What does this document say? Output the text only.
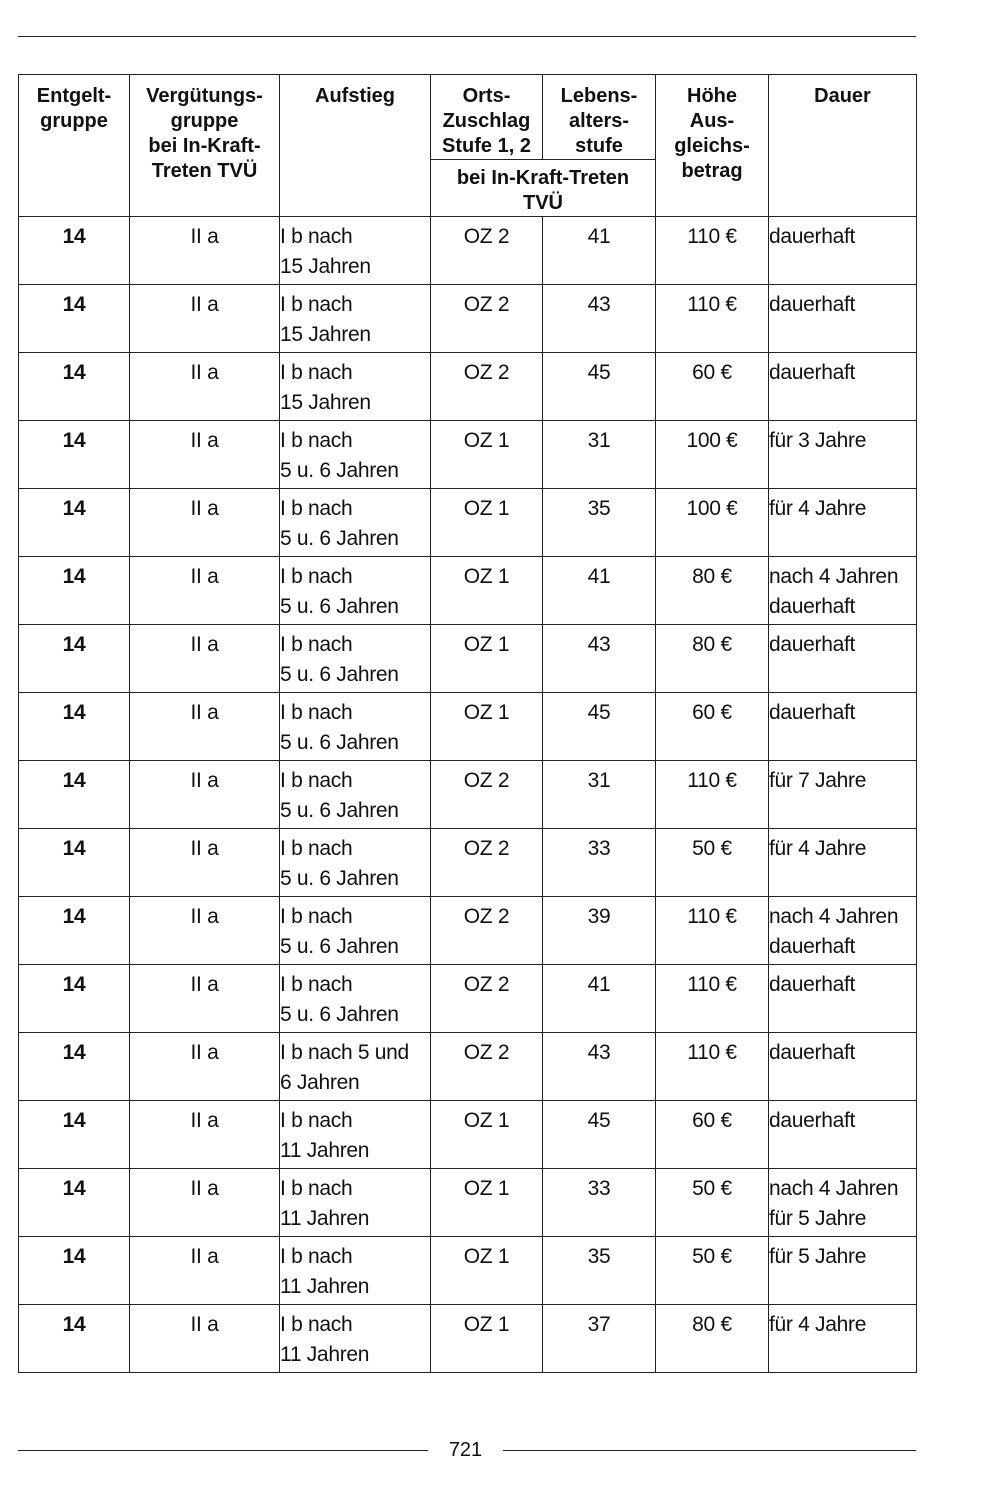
Entgelt-
gruppe	Vergütungs-
gruppe
bei In-Kraft-
Treten TVÜ	Aufstieg	Orts-
Zuschlag
Stufe 1, 2	Lebens-
alters-
stufe	Höhe
Aus-
gleichs-
betrag	Dauer

			bei In-Kraft-Treten
TVÜ			

14	II a	I b nach
15 Jahren	OZ 2	41	110 €	dauerhaft

14	II a	I b nach
15 Jahren	OZ 2	43	110 €	dauerhaft

14	II a	I b nach
15 Jahren	OZ 2	45	60 €	dauerhaft

14	II a	I b nach
5 u. 6 Jahren	OZ 1	31	100 €	für 3 Jahre

14	II a	I b nach
5 u. 6 Jahren	OZ 1	35	100 €	für 4 Jahre

14	II a	I b nach
5 u. 6 Jahren	OZ 1	41	80 €	nach 4 Jahren
dauerhaft

14	II a	I b nach
5 u. 6 Jahren	OZ 1	43	80 €	dauerhaft

14	II a	I b nach
5 u. 6 Jahren	OZ 1	45	60 €	dauerhaft

14	II a	I b nach
5 u. 6 Jahren	OZ 2	31	110 €	für 7 Jahre

14	II a	I b nach
5 u. 6 Jahren	OZ 2	33	50 €	für 4 Jahre

14	II a	I b nach
5 u. 6 Jahren	OZ 2	39	110 €	nach 4 Jahren
dauerhaft

14	II a	I b nach
5 u. 6 Jahren	OZ 2	41	110 €	dauerhaft

14	II a	I b nach 5 und
6 Jahren	OZ 2	43	110 €	dauerhaft

14	II a	I b nach
11 Jahren	OZ 1	45	60 €	dauerhaft

14	II a	I b nach
11 Jahren	OZ 1	33	50 €	nach 4 Jahren
für 5 Jahre

14	II a	I b nach
11 Jahren	OZ 1	35	50 €	für 5 Jahre

14	II a	I b nach
11 Jahren	OZ 1	37	80 €	für 4 Jahre
721
